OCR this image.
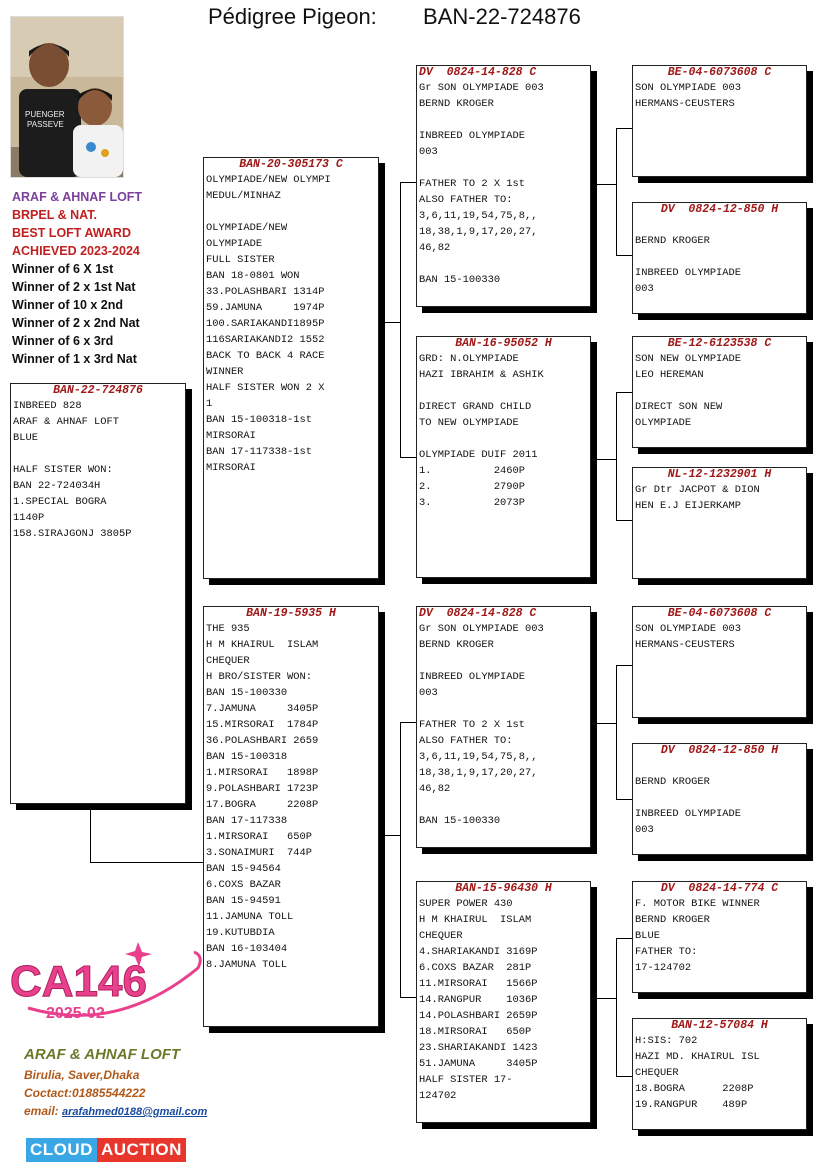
Pédigree Pigeon: BAN-22-724876
PUENGER
PASSEVE
ARAF & AHNAF LOFT
BRPEL & NAT.
BEST LOFT AWARD
ACHIEVED 2023-2024
Winner of 6 X 1st
Winner of 2 x 1st Nat
Winner of 10 x 2nd
Winner of 2 x 2nd Nat
Winner of 6 x 3rd
Winner of 1 x 3rd Nat
BAN-22-724876
INBREED 828
ARAF & AHNAF LOFT
BLUE

HALF SISTER WON:
BAN 22-724034H
1.SPECIAL BOGRA
1140P
158.SIRAJGONJ 3805P
BAN-20-305173 C
OLYMPIADE/NEW OLYMPI
MEDUL/MINHAZ

OLYMPIADE/NEW
OLYMPIADE
FULL SISTER
BAN 18-0801 WON
33.POLASHBARI 1314P
59.JAMUNA     1974P
100.SARIAKANDI1895P
116SARIAKANDI2 1552
BACK TO BACK 4 RACE
WINNER
HALF SISTER WON 2 X
1
BAN 15-100318-1st
MIRSORAI
BAN 17-117338-1st
MIRSORAI
BAN-19-5935 H
THE 935
H M KHAIRUL  ISLAM
CHEQUER
H BRO/SISTER WON:
BAN 15-100330
7.JAMUNA     3405P
15.MIRSORAI  1784P
36.POLASHBARI 2659
BAN 15-100318
1.MIRSORAI   1898P
9.POLASHBARI 1723P
17.BOGRA     2208P
BAN 17-117338
1.MIRSORAI   650P
3.SONAIMURI  744P
BAN 15-94564
6.COXS BAZAR
BAN 15-94591
11.JAMUNA TOLL
19.KUTUBDIA
BAN 16-103404
8.JAMUNA TOLL
DV  0824-14-828 C
Gr SON OLYMPIADE 003
BERND KROGER

INBREED OLYMPIADE
003

FATHER TO 2 X 1st
ALSO FATHER TO:
3,6,11,19,54,75,8,,
18,38,1,9,17,20,27,
46,82

BAN 15-100330
BAN-16-95052 H
GRD: N.OLYMPIADE
HAZI IBRAHIM & ASHIK

DIRECT GRAND CHILD
TO NEW OLYMPIADE

OLYMPIADE DUIF 2011
1.          2460P
2.          2790P
3.          2073P
DV  0824-14-828 C
Gr SON OLYMPIADE 003
BERND KROGER

INBREED OLYMPIADE
003

FATHER TO 2 X 1st
ALSO FATHER TO:
3,6,11,19,54,75,8,,
18,38,1,9,17,20,27,
46,82

BAN 15-100330
BAN-15-96430 H
SUPER POWER 430
H M KHAIRUL  ISLAM
CHEQUER
4.SHARIAKANDI 3169P
6.COXS BAZAR  281P
11.MIRSORAI   1566P
14.RANGPUR    1036P
14.POLASHBARI 2659P
18.MIRSORAI   650P
23.SHARIAKANDI 1423
51.JAMUNA     3405P
HALF SISTER 17-
124702
BE-04-6073608 C
SON OLYMPIADE 003
HERMANS-CEUSTERS
DV  0824-12-850 H

BERND KROGER

INBREED OLYMPIADE
003
BE-12-6123538 C
SON NEW OLYMPIADE
LEO HEREMAN

DIRECT SON NEW
OLYMPIADE
NL-12-1232901 H
Gr Dtr JACPOT & DION
HEN E.J EIJERKAMP
BE-04-6073608 C
SON OLYMPIADE 003
HERMANS-CEUSTERS
DV  0824-12-850 H

BERND KROGER

INBREED OLYMPIADE
003
DV  0824-14-774 C
F. MOTOR BIKE WINNER
BERND KROGER
BLUE
FATHER TO:
17-124702
BAN-12-57084 H
H:SIS: 702
HAZI MD. KHAIRUL ISL
CHEQUER
18.BOGRA      2208P
19.RANGPUR    489P
CA146
2025-02
ARAF & AHNAF LOFT
Birulia, Saver,Dhaka
Coctact:01885544222
email: arafahmed0188@gmail.com
CLOUD AUCTION
